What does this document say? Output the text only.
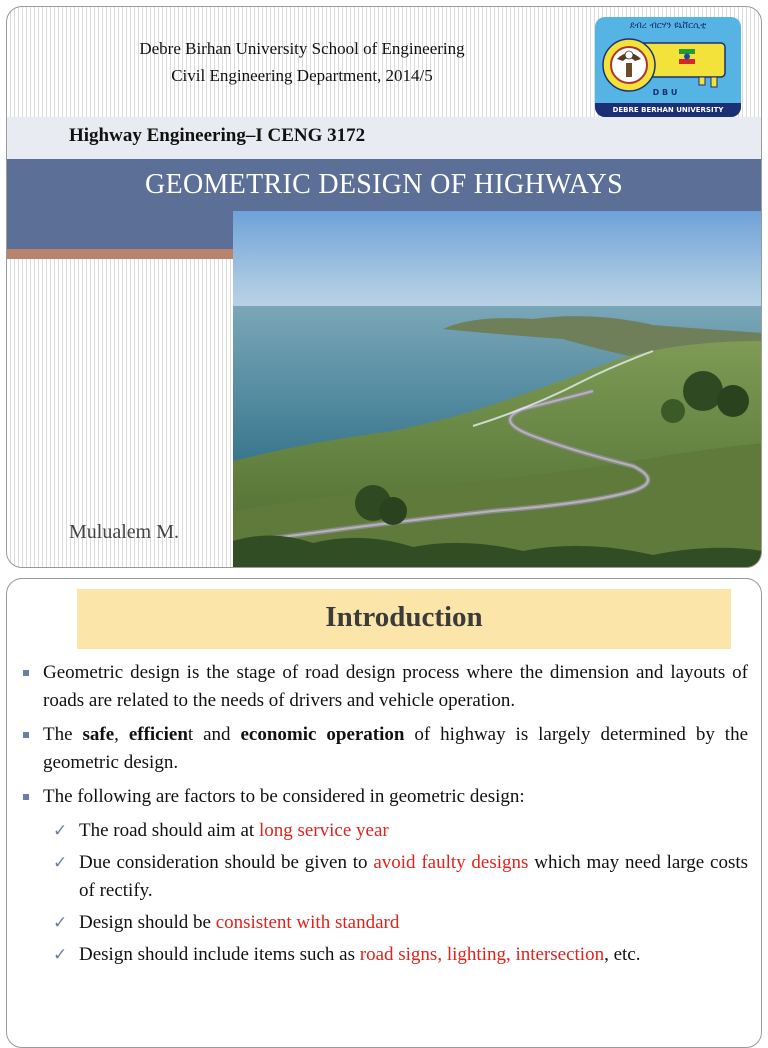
Debre Birhan University School of Engineering
Civil Engineering Department, 2014/5
ደብረ ብርሃን ዩኒቨርሲቲ
D B U
DEBRE BERHAN UNIVERSITY
Highway Engineering–I CENG 3172
GEOMETRIC DESIGN OF HIGHWAYS
Mulualem M.
Introduction
Geometric design is the stage of road design process where the dimension and layouts of roads are related to the needs of drivers and vehicle operation.
The safe, efficient and economic operation of highway is largely determined by the geometric design.
The following are factors to be considered in geometric design:
✓ The road should aim at long service year
✓ Due consideration should be given to avoid faulty designs which may need large costs of rectify.
✓ Design should be consistent with standard
✓ Design should include items such as road signs, lighting, intersection, etc.
